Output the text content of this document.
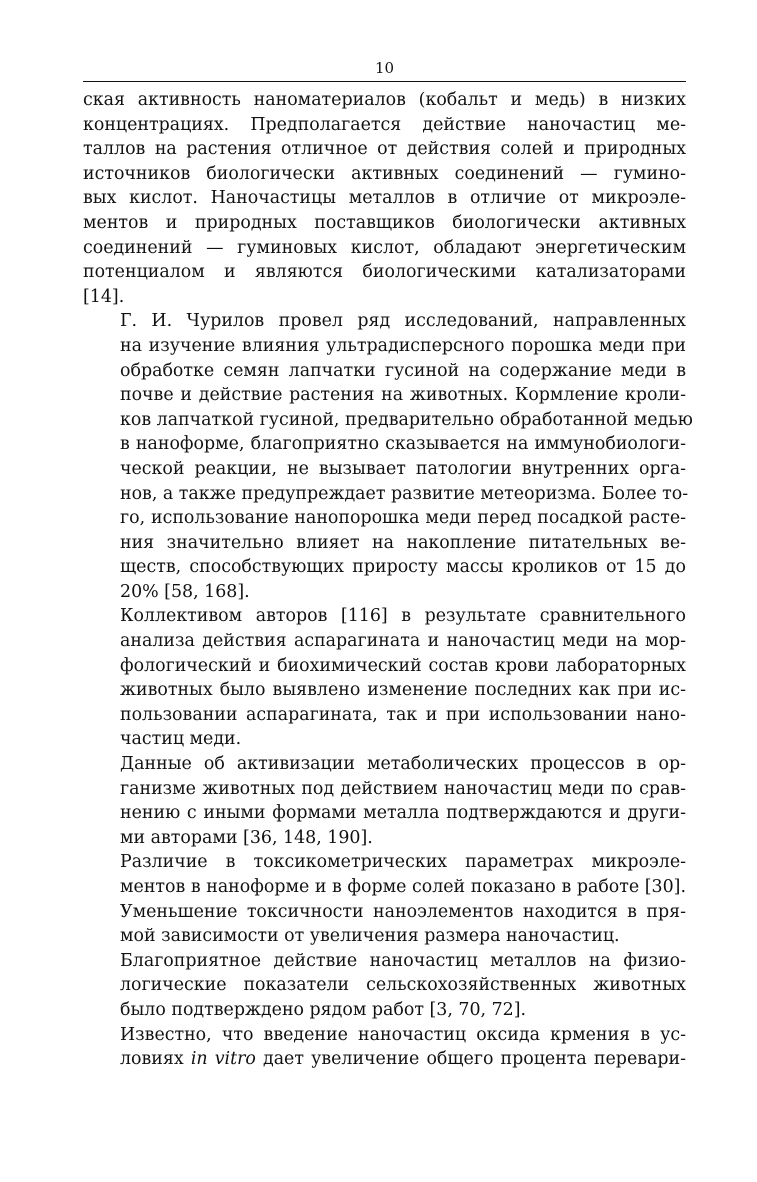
10

ская активность наноматериалов (кобальт и медь) в низких
концентрациях. Предполагается действие наночастиц ме-
таллов на растения отличное от действия солей и природных
источников биологически активных соединений — гумино-
вых кислот. Наночастицы металлов в отличие от микроэле-
ментов и природных поставщиков биологически активных
соединений — гуминовых кислот, обладают энергетическим
потенциалом и являются биологическими катализаторами
[14].

Г. И. Чурилов провел ряд исследований, направленных
на изучение влияния ультрадисперсного порошка меди при
обработке семян лапчатки гусиной на содержание меди в
почве и действие растения на животных. Кормление кроли-
ков лапчаткой гусиной, предварительно обработанной медью
в наноформе, благоприятно сказывается на иммунобиологи-
ческой реакции, не вызывает патологии внутренних орга-
нов, а также предупреждает развитие метеоризма. Более то-
го, использование нанопорошка меди перед посадкой расте-
ния значительно влияет на накопление питательных ве-
ществ, способствующих приросту массы кроликов от 15 до
20% [58, 168].

Коллективом авторов [116] в результате сравнительного
анализа действия аспарагината и наночастиц меди на мор-
фологический и биохимический состав крови лабораторных
животных было выявлено изменение последних как при ис-
пользовании аспарагината, так и при использовании нано-
частиц меди.

Данные об активизации метаболических процессов в ор-
ганизме животных под действием наночастиц меди по срав-
нению с иными формами металла подтверждаются и други-
ми авторами [36, 148, 190].

Различие в токсикометрических параметрах микроэле-
ментов в наноформе и в форме солей показано в работе [30].
Уменьшение токсичности наноэлементов находится в пря-
мой зависимости от увеличения размера наночастиц.

Благоприятное действие наночастиц металлов на физио-
логические показатели сельскохозяйственных животных
было подтверждено рядом работ [3, 70, 72].

Известно, что введение наночастиц оксида крмения в ус-
ловиях in vitro дает увеличение общего процента перевари-
